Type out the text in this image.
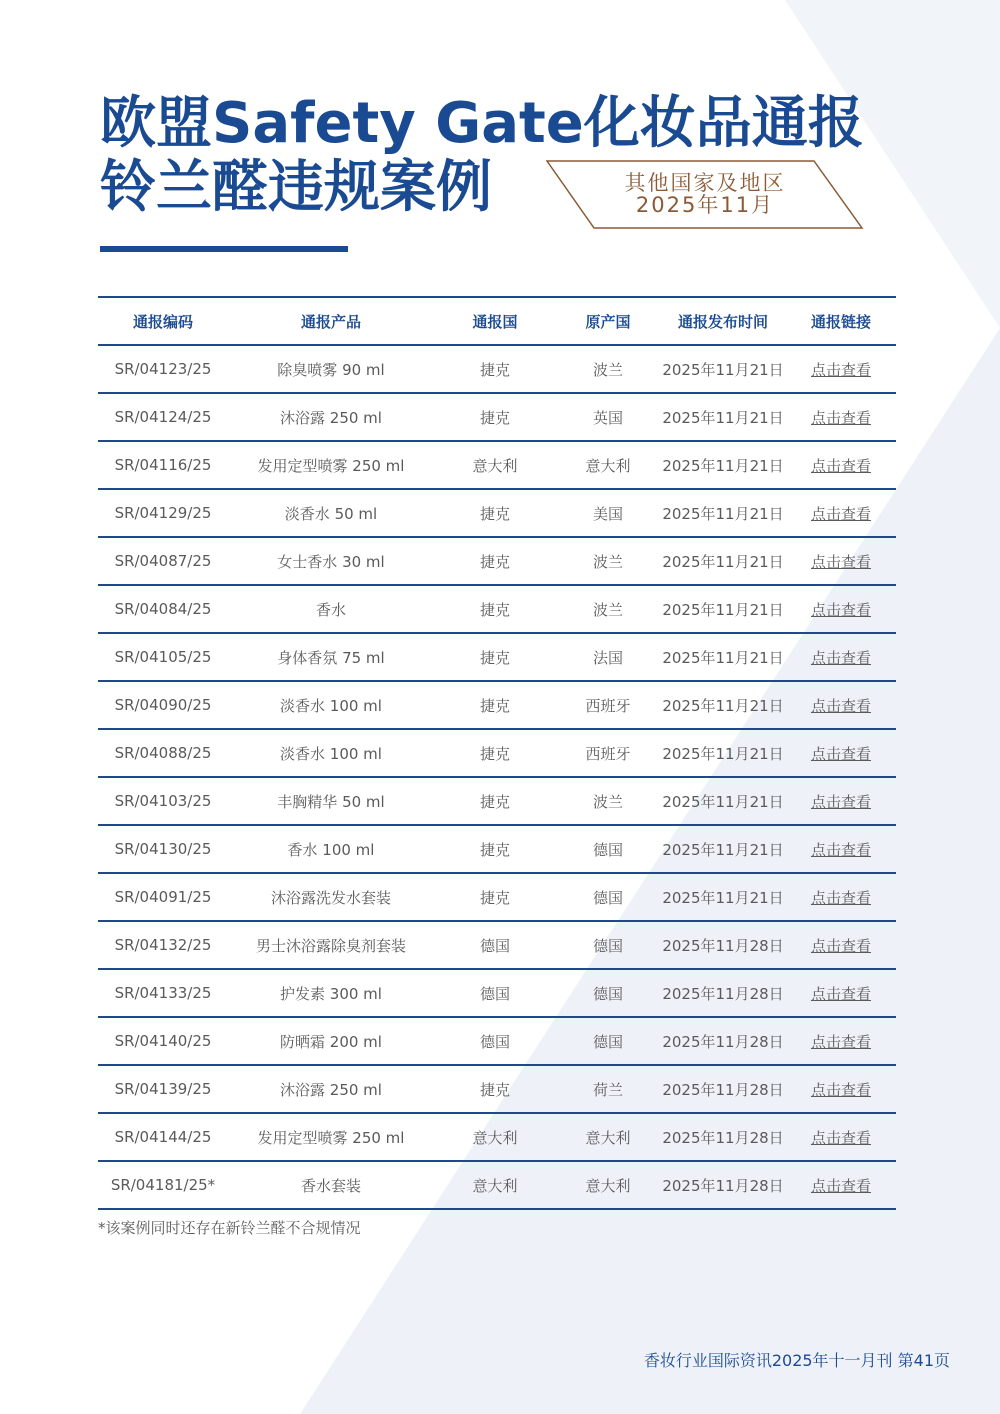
欧盟Safety Gate化妆品通报
铃兰醛违规案例	其他国家及地区
2025年11月
通报编码	通报产品	通报国	原产国	通报发布时间	通报链接
SR/04123/25	除臭喷雾 90 ml	捷克	波兰	2025年11月21日	点击查看
SR/04124/25	沐浴露 250 ml	捷克	英国	2025年11月21日	点击查看
SR/04116/25	发用定型喷雾 250 ml	意大利	意大利	2025年11月21日	点击查看
SR/04129/25	淡香水 50 ml	捷克	美国	2025年11月21日	点击查看
SR/04087/25	女士香水 30 ml	捷克	波兰	2025年11月21日	点击查看
SR/04084/25	香水	捷克	波兰	2025年11月21日	点击查看
SR/04105/25	身体香氛 75 ml	捷克	法国	2025年11月21日	点击查看
SR/04090/25	淡香水 100 ml	捷克	西班牙	2025年11月21日	点击查看
SR/04088/25	淡香水 100 ml	捷克	西班牙	2025年11月21日	点击查看
SR/04103/25	丰胸精华 50 ml	捷克	波兰	2025年11月21日	点击查看
SR/04130/25	香水 100 ml	捷克	德国	2025年11月21日	点击查看
SR/04091/25	沐浴露洗发水套装	捷克	德国	2025年11月21日	点击查看
SR/04132/25	男士沐浴露除臭剂套装	德国	德国	2025年11月28日	点击查看
SR/04133/25	护发素 300 ml	德国	德国	2025年11月28日	点击查看
SR/04140/25	防晒霜 200 ml	德国	德国	2025年11月28日	点击查看
SR/04139/25	沐浴露 250 ml	捷克	荷兰	2025年11月28日	点击查看
SR/04144/25	发用定型喷雾 250 ml	意大利	意大利	2025年11月28日	点击查看
SR/04181/25*	香水套装	意大利	意大利	2025年11月28日	点击查看
*该案例同时还存在新铃兰醛不合规情况
香妆行业国际资讯2025年十一月刊 第41页
